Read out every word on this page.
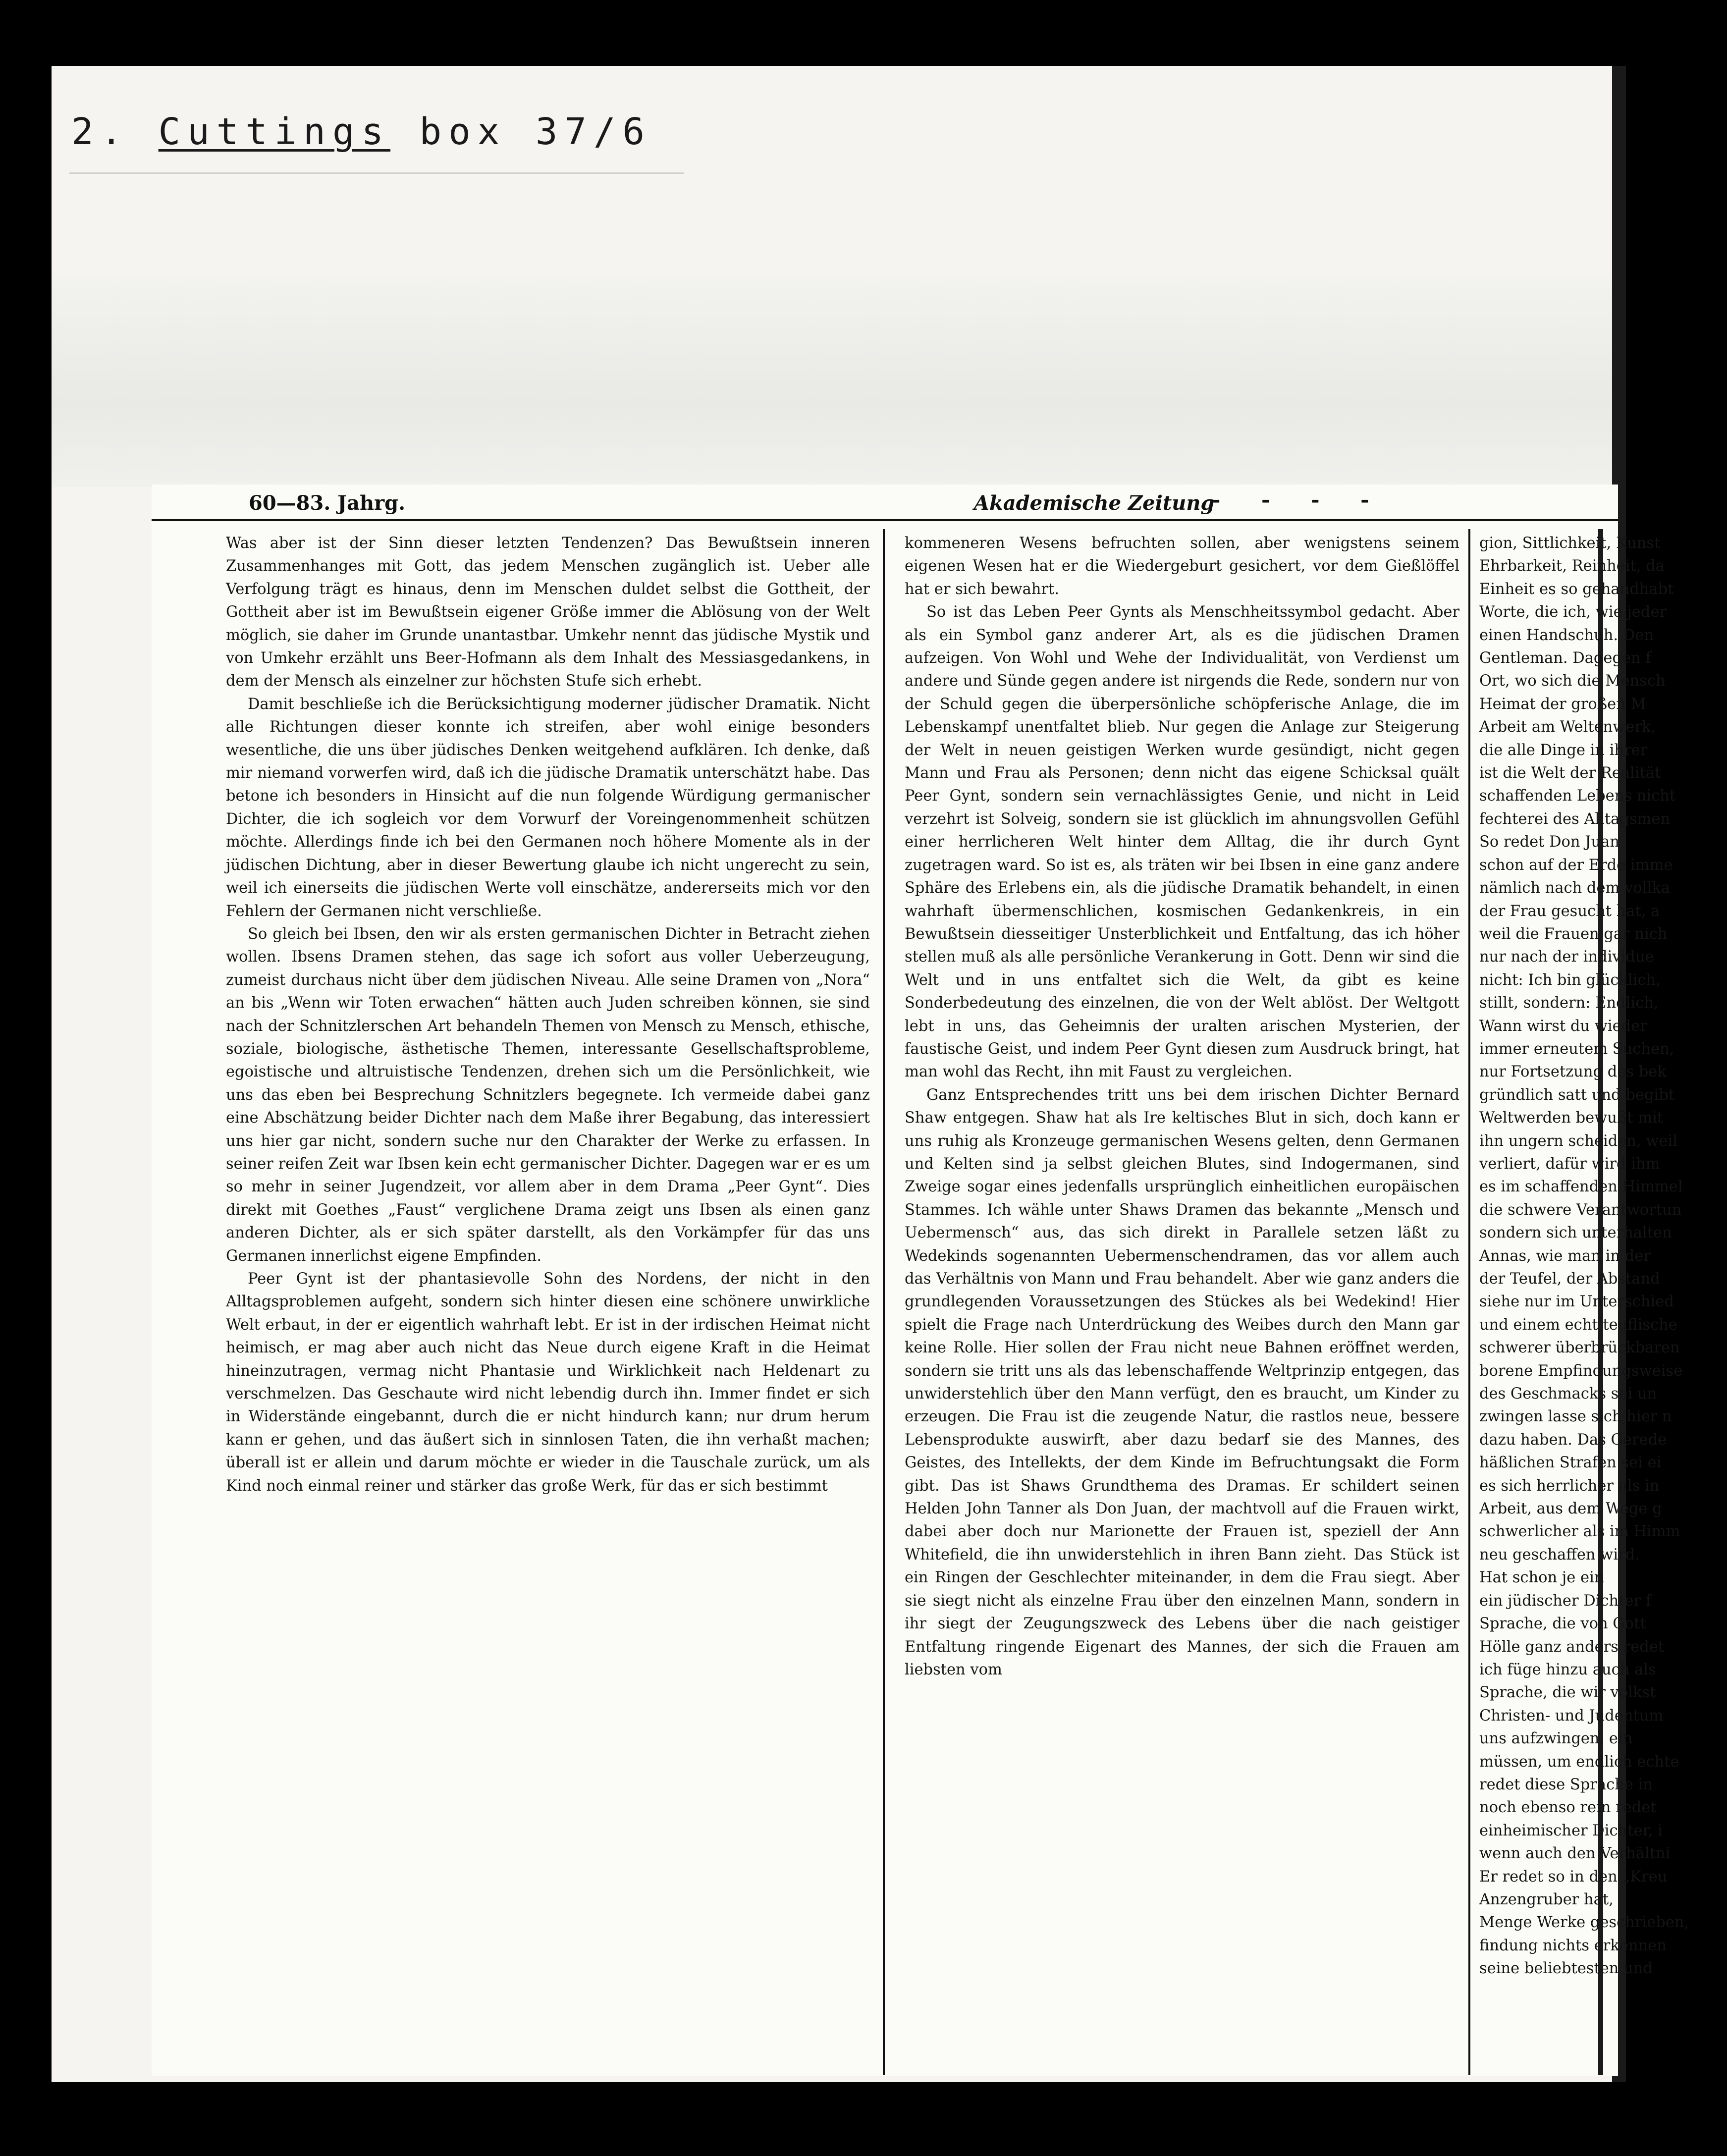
2. Cuttings box 37/6
60—83. Jahrg.	Akademische Zeitung
- - - -

Was aber ist der Sinn dieser letzten Tendenzen? Das Bewußtsein inneren Zusammenhanges mit Gott, das jedem Menschen zugänglich ist. Ueber alle Verfolgung trägt es hinaus, denn im Menschen duldet selbst die Gottheit, der Gottheit aber ist im Bewußtsein eigener Größe immer die Ablösung von der Welt möglich, sie daher im Grunde unantastbar. Umkehr nennt das jüdische Mystik und von Umkehr erzählt uns Beer-Hofmann als dem Inhalt des Messiasgedankens, in dem der Mensch als einzelner zur höchsten Stufe sich erhebt.

Damit beschließe ich die Berücksichtigung moderner jüdischer Dramatik. Nicht alle Richtungen dieser konnte ich streifen, aber wohl einige besonders wesentliche, die uns über jüdisches Denken weitgehend aufklären. Ich denke, daß mir niemand vorwerfen wird, daß ich die jüdische Dramatik unterschätzt habe. Das betone ich besonders in Hinsicht auf die nun folgende Würdigung germanischer Dichter, die ich sogleich vor dem Vorwurf der Voreingenommenheit schützen möchte. Allerdings finde ich bei den Germanen noch höhere Momente als in der jüdischen Dichtung, aber in dieser Bewertung glaube ich nicht ungerecht zu sein, weil ich einerseits die jüdischen Werte voll einschätze, andererseits mich vor den Fehlern der Germanen nicht verschließe.

So gleich bei Ibsen, den wir als ersten germanischen Dichter in Betracht ziehen wollen. Ibsens Dramen stehen, das sage ich sofort aus voller Ueberzeugung, zumeist durchaus nicht über dem jüdischen Niveau. Alle seine Dramen von „Nora“ an bis „Wenn wir Toten erwachen“ hätten auch Juden schreiben können, sie sind nach der Schnitzlerschen Art behandeln Themen von Mensch zu Mensch, ethische, soziale, biologische, ästhetische Themen, interessante Gesellschaftsprobleme, egoistische und altruistische Tendenzen, drehen sich um die Persönlichkeit, wie uns das eben bei Besprechung Schnitzlers begegnete. Ich vermeide dabei ganz eine Abschätzung beider Dichter nach dem Maße ihrer Begabung, das interessiert uns hier gar nicht, sondern suche nur den Charakter der Werke zu erfassen. In seiner reifen Zeit war Ibsen kein echt germanischer Dichter. Dagegen war er es um so mehr in seiner Jugendzeit, vor allem aber in dem Drama „Peer Gynt“. Dies direkt mit Goethes „Faust“ verglichene Drama zeigt uns Ibsen als einen ganz anderen Dichter, als er sich später darstellt, als den Vorkämpfer für das uns Germanen innerlichst eigene Empfinden.

Peer Gynt ist der phantasievolle Sohn des Nordens, der nicht in den Alltagsproblemen aufgeht, sondern sich hinter diesen eine schönere unwirkliche Welt erbaut, in der er eigentlich wahrhaft lebt. Er ist in der irdischen Heimat nicht heimisch, er mag aber auch nicht das Neue durch eigene Kraft in die Heimat hineinzutragen, vermag nicht Phantasie und Wirklichkeit nach Heldenart zu verschmelzen. Das Geschaute wird nicht lebendig durch ihn. Immer findet er sich in Widerstände eingebannt, durch die er nicht hindurch kann; nur drum herum kann er gehen, und das äußert sich in sinnlosen Taten, die ihn verhaßt machen; überall ist er allein und darum möchte er wieder in die Tauschale zurück, um als Kind noch einmal reiner und stärker das große Werk, für das er sich bestimmt

kommeneren Wesens befruchten sollen, aber wenigstens seinem eigenen Wesen hat er die Wiedergeburt gesichert, vor dem Gießlöffel hat er sich bewahrt.

So ist das Leben Peer Gynts als Menschheitssymbol gedacht. Aber als ein Symbol ganz anderer Art, als es die jüdischen Dramen aufzeigen. Von Wohl und Wehe der Individualität, von Verdienst um andere und Sünde gegen andere ist nirgends die Rede, sondern nur von der Schuld gegen die überpersönliche schöpferische Anlage, die im Lebenskampf unentfaltet blieb. Nur gegen die Anlage zur Steigerung der Welt in neuen geistigen Werken wurde gesündigt, nicht gegen Mann und Frau als Personen; denn nicht das eigene Schicksal quält Peer Gynt, sondern sein vernachlässigtes Genie, und nicht in Leid verzehrt ist Solveig, sondern sie ist glücklich im ahnungsvollen Gefühl einer herrlicheren Welt hinter dem Alltag, die ihr durch Gynt zugetragen ward. So ist es, als träten wir bei Ibsen in eine ganz andere Sphäre des Erlebens ein, als die jüdische Dramatik behandelt, in einen wahrhaft übermenschlichen, kosmischen Gedankenkreis, in ein Bewußtsein diesseitiger Unsterblichkeit und Entfaltung, das ich höher stellen muß als alle persönliche Verankerung in Gott. Denn wir sind die Welt und in uns entfaltet sich die Welt, da gibt es keine Sonderbedeutung des einzelnen, die von der Welt ablöst. Der Weltgott lebt in uns, das Geheimnis der uralten arischen Mysterien, der faustische Geist, und indem Peer Gynt diesen zum Ausdruck bringt, hat man wohl das Recht, ihn mit Faust zu vergleichen.

Ganz Entsprechendes tritt uns bei dem irischen Dichter Bernard Shaw entgegen. Shaw hat als Irе keltisches Blut in sich, doch kann er uns ruhig als Kronzeuge germanischen Wesens gelten, denn Germanen und Kelten sind ja selbst gleichen Blutes, sind Indogermanen, sind Zweige sogar eines jedenfalls ursprünglich einheitlichen europäischen Stammes. Ich wähle unter Shaws Dramen das bekannte „Mensch und Uebermensch“ aus, das sich direkt in Parallele setzen läßt zu Wedekinds sogenannten Uebermenschendramen, das vor allem auch das Verhältnis von Mann und Frau behandelt. Aber wie ganz anders die grundlegenden Voraussetzungen des Stückes als bei Wedekind! Hier spielt die Frage nach Unterdrückung des Weibes durch den Mann gar keine Rolle. Hier sollen der Frau nicht neue Bahnen eröffnet werden, sondern sie tritt uns als das lebenschaffende Weltprinzip entgegen, das unwiderstehlich über den Mann verfügt, den es braucht, um Kinder zu erzeugen. Die Frau ist die zeugende Natur, die rastlos neue, bessere Lebensprodukte auswirft, aber dazu bedarf sie des Mannes, des Geistes, des Intellekts, der dem Kinde im Befruchtungsakt die Form gibt. Das ist Shaws Grundthema des Dramas. Er schildert seinen Helden John Tanner als Don Juan, der machtvoll auf die Frauen wirkt, dabei aber doch nur Marionette der Frauen ist, speziell der Ann Whitefield, die ihn unwiderstehlich in ihren Bann zieht. Das Stück ist ein Ringen der Geschlechter miteinander, in dem die Frau siegt. Aber sie siegt nicht als einzelne Frau über den einzelnen Mann, sondern in ihr siegt der Zeugungszweck des Lebens über die nach geistiger Entfaltung ringende Eigenart des Mannes, der sich die Frauen am liebsten vom

gion, Sittlichkeit, Kunst
Ehrbarkeit, Reinheit, da
Einheit es so gehandhabt
Worte, die ich, wie jeder
einen Handschuh. Den
Gentleman. Dagegen f
Ort, wo sich die Mensch
Heimat der großen M
Arbeit am Weltenwerk,
die alle Dinge in ihrer
ist die Welt der Realität
schaffenden Lebens nicht
fechterei des Alltagsmen
So redet Don Juan
schon auf der Erde imme
nämlich nach dem vollka
der Frau gesucht hat, a
weil die Frauen gar nich
nur nach der individue
nicht: Ich bin glücklich,
stillt, sondern: Endlich,
Wann wirst du wieder
immer erneutem Suchen,
nur Fortsetzung des bek
gründlich satt und begibt
Weltwerden bewußt mit
ihn ungern scheiden, weil
verliert, dafür wird ihm
es im schaffenden Himmel
die schwere Verantwortun
sondern sich unterhalten
Annas, wie man in der
der Teufel, der Abstand
siehe nur im Unterschied
und einem echt teuflische
schwerer überbrückbaren
borene Empfindungsweise
des Geschmacks sei un
zwingen lasse sich hier n
dazu haben. Das Geredе
häßlichen Strafen sei ei
es sich herrlicher als in
Arbeit, aus dem Wege g
schwerlicher als im Himm
neu geschaffen wird.
Hat schon je ein
ein jüdischer Dichter f
Sprache, die von Gott
Hölle ganz anders redet
ich füge hinzu auch als
Sprache, die wir volkst
Christen- und Judentum
uns aufzwingen, ein
müssen, um endlich echte
redet diese Sprache in
noch ebenso rein redet
einheimischer Dichter, i
wenn auch den Verhältni
Er redet so in den „Kreu
Anzengruber hat,
Menge Werke geschrieben,
findung nichts erkennen
seine beliebtesten und
